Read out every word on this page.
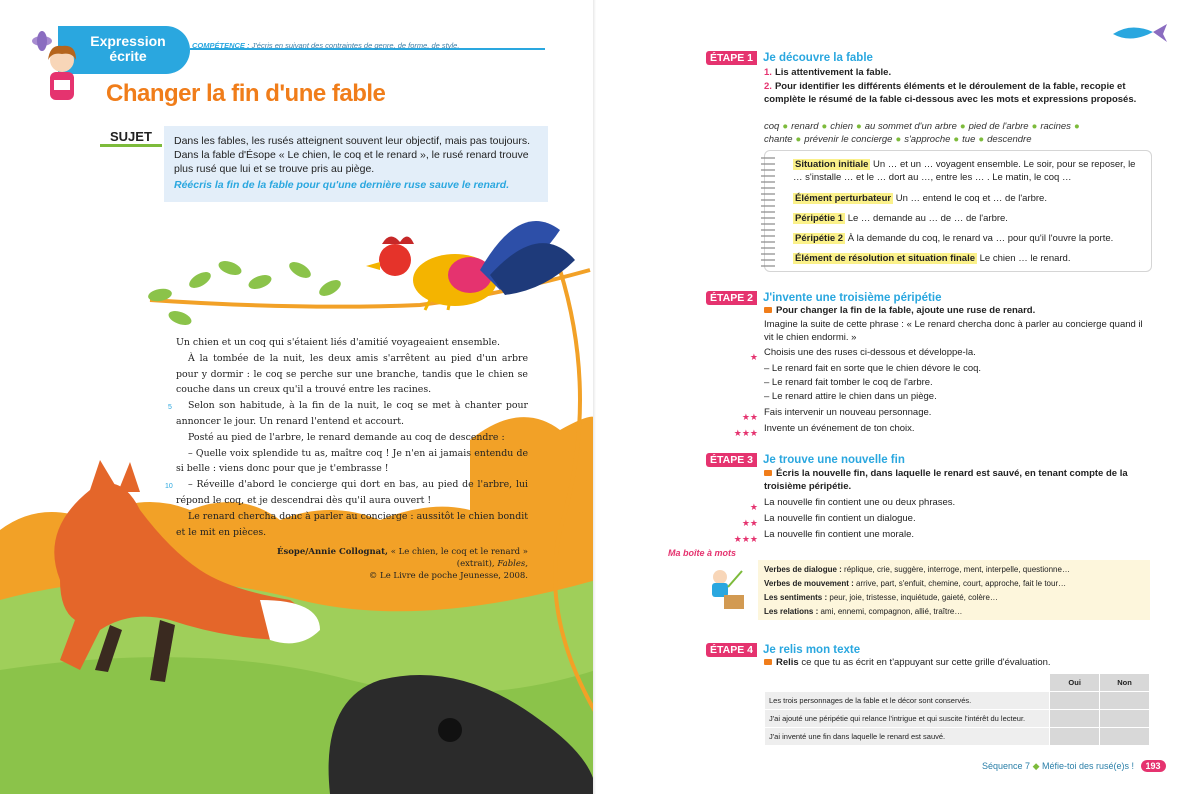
Expression
écrite
COMPÉTENCE : J'écris en suivant des contraintes de genre, de forme, de style.
Changer la fin d'une fable
SUJET	Dans les fables, les rusés atteignent souvent leur objectif, mais pas toujours. Dans la fable d'Ésope « Le chien, le coq et le renard », le rusé renard trouve plus rusé que lui et se trouve pris au piège.
Réécris la fin de la fable pour qu'une dernière ruse sauve le renard.

Un chien et un coq qui s'étaient liés d'amitié voyageaient ensemble.

À la tombée de la nuit, les deux amis s'arrêtent au pied d'un arbre pour y dormir : le coq se perche sur une branche, tandis que le chien se couche dans un creux qu'il a trouvé entre les racines.

Selon son habitude, à la fin de la nuit, le coq se met à chanter pour annoncer le jour. Un renard l'entend et accourt.

Posté au pied de l'arbre, le renard demande au coq de descendre :

– Quelle voix splendide tu as, maître coq ! Je n'en ai jamais entendu de si belle : viens donc pour que je t'embrasse !

– Réveille d'abord le concierge qui dort en bas, au pied de l'arbre, lui répond le coq, et je descendrai dès qu'il aura ouvert !

Le renard chercha donc à parler au concierge : aussitôt le chien bondit et le mit en pièces.

5
10
Ésope/Annie Collognat, « Le chien, le coq et le renard » (extrait), Fables,
© Le Livre de poche Jeunesse, 2008.
ÉTAPE 1 Je découvre la fable
1. Lis attentivement la fable.
2. Pour identifier les différents éléments et le déroulement de la fable, recopie et complète le résumé de la fable ci-dessous avec les mots et expressions proposés.
coq ● renard ● chien ● au sommet d'un arbre ● pied de l'arbre ● racines ●
chante ● prévenir le concierge ● s'approche ● tue ● descendre
Situation initiale Un … et un … voyagent ensemble. Le soir, pour se reposer, le … s'installe … et le … dort au …, entre les … . Le matin, le coq …
Élément perturbateur Un … entend le coq et … de l'arbre.
Péripétie 1 Le … demande au … de … de l'arbre.
Péripétie 2 À la demande du coq, le renard va … pour qu'il l'ouvre la porte.
Élément de résolution et situation finale Le chien … le renard.
ÉTAPE 2 J'invente une troisième péripétie
Pour changer la fin de la fable, ajoute une ruse de renard.
Imagine la suite de cette phrase : « Le renard chercha donc à parler au concierge quand il vit le chien endormi. »
★ Choisis une des ruses ci-dessous et développe-la.
– Le renard fait en sorte que le chien dévore le coq.
– Le renard fait tomber le coq de l'arbre.
– Le renard attire le chien dans un piège.
★★ Fais intervenir un nouveau personnage.
★★★ Invente un événement de ton choix.
ÉTAPE 3 Je trouve une nouvelle fin
Écris la nouvelle fin, dans laquelle le renard est sauvé, en tenant compte de la troisième péripétie.
★ La nouvelle fin contient une ou deux phrases.
★★ La nouvelle fin contient un dialogue.
★★★ La nouvelle fin contient une morale.
Ma boîte à mots
Verbes de dialogue : réplique, crie, suggère, interroge, ment, interpelle, questionne…
Verbes de mouvement : arrive, part, s'enfuit, chemine, court, approche, fait le tour…
Les sentiments : peur, joie, tristesse, inquiétude, gaieté, colère…
Les relations : ami, ennemi, compagnon, allié, traître…
ÉTAPE 4 Je relis mon texte
Relis ce que tu as écrit en t'appuyant sur cette grille d'évaluation.
	Oui	Non
Les trois personnages de la fable et le décor sont conservés.		
J'ai ajouté une péripétie qui relance l'intrigue et qui suscite l'intérêt du lecteur.		
J'ai inventé une fin dans laquelle le renard est sauvé.		
Séquence 7 ◆ Méfie-toi des rusé(e)s ! 193
